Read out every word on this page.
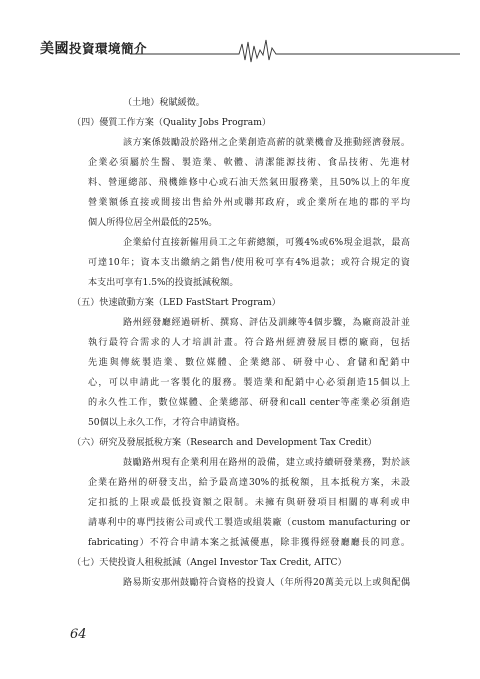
美國投資環境簡介
（土地）稅賦緩徵。
（四）優質工作方案（Quality Jobs Program）
該方案係鼓勵設於路州之企業創造高薪的就業機會及推動經濟發展。
企業必須屬於生醫、製造業、軟體、清潔能源技術、食品技術、先進材
料、營運總部、飛機維修中心或石油天然氣田服務業，且50%以上的年度
營業額係直接或間接出售給外州或聯邦政府，或企業所在地的郡的平均
個人所得位居全州最低的25%。
企業給付直接新僱用員工之年薪總額，可獲4%或6%現金退款，最高
可達10年；資本支出繳納之銷售/使用稅可享有4%退款；或符合規定的資
本支出可享有1.5%的投資抵減稅額。
（五）快速啟動方案（LED FastStart Program）
路州經發廳經過研析、撰寫、評估及訓練等4個步驟，為廠商設計並
執行最符合需求的人才培訓計畫。符合路州經濟發展目標的廠商，包括
先進與傳統製造業、數位媒體、企業總部、研發中心、倉儲和配銷中
心，可以申請此一客製化的服務。製造業和配銷中心必須創造15個以上
的永久性工作，數位媒體、企業總部、研發和call center等產業必須創造
50個以上永久工作，才符合申請資格。
（六）研究及發展抵稅方案（Research and Development Tax Credit）
鼓勵路州現有企業利用在路州的設備，建立或持續研發業務，對於該
企業在路州的研發支出，給予最高達30%的抵稅額，且本抵稅方案，未設
定扣抵的上限或最低投資額之限制。未擁有與研發項目相關的專利或申
請專利中的專門技術公司或代工製造或組裝廠（custom manufacturing or
fabricating）不符合申請本案之抵減優惠，除非獲得經發廳廳長的同意。
（七）天使投資人租稅抵減（Angel Investor Tax Credit, AITC）
路易斯安那州鼓勵符合資格的投資人（年所得20萬美元以上或與配偶
64
